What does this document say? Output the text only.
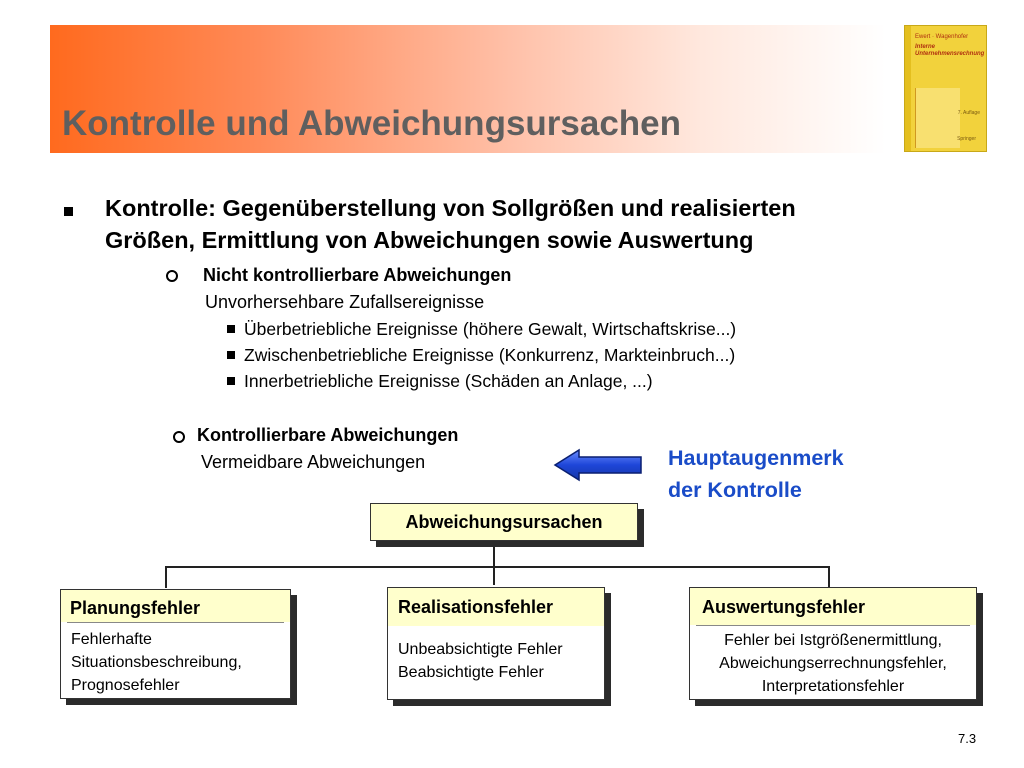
Kontrolle und Abweichungsursachen
Ewert · Wagenhofer
Interne Unternehmensrechnung
7. Auflage
Springer

Kontrolle: Gegenüberstellung von Sollgrößen und realisierten

Größen, Ermittlung von Abweichungen sowie Auswertung

Nicht kontrollierbare Abweichungen

Unvorhersehbare Zufallsereignisse

Überbetriebliche Ereignisse (höhere Gewalt, Wirtschaftskrise...)

Zwischenbetriebliche Ereignisse (Konkurrenz, Markteinbruch...)

Innerbetriebliche Ereignisse (Schäden an Anlage, ...)

Kontrollierbare Abweichungen

Vermeidbare Abweichungen	Hauptaugenmerk
der Kontrolle
Abweichungsursachen
Planungsfehler
Fehlerhafte
Situationsbeschreibung,
Prognosefehler
Realisationsfehler
Unbeabsichtigte Fehler
Beabsichtigte Fehler
Auswertungsfehler
Fehler bei Istgrößenermittlung,
Abweichungserrechnungsfehler,
Interpretationsfehler
7.3
